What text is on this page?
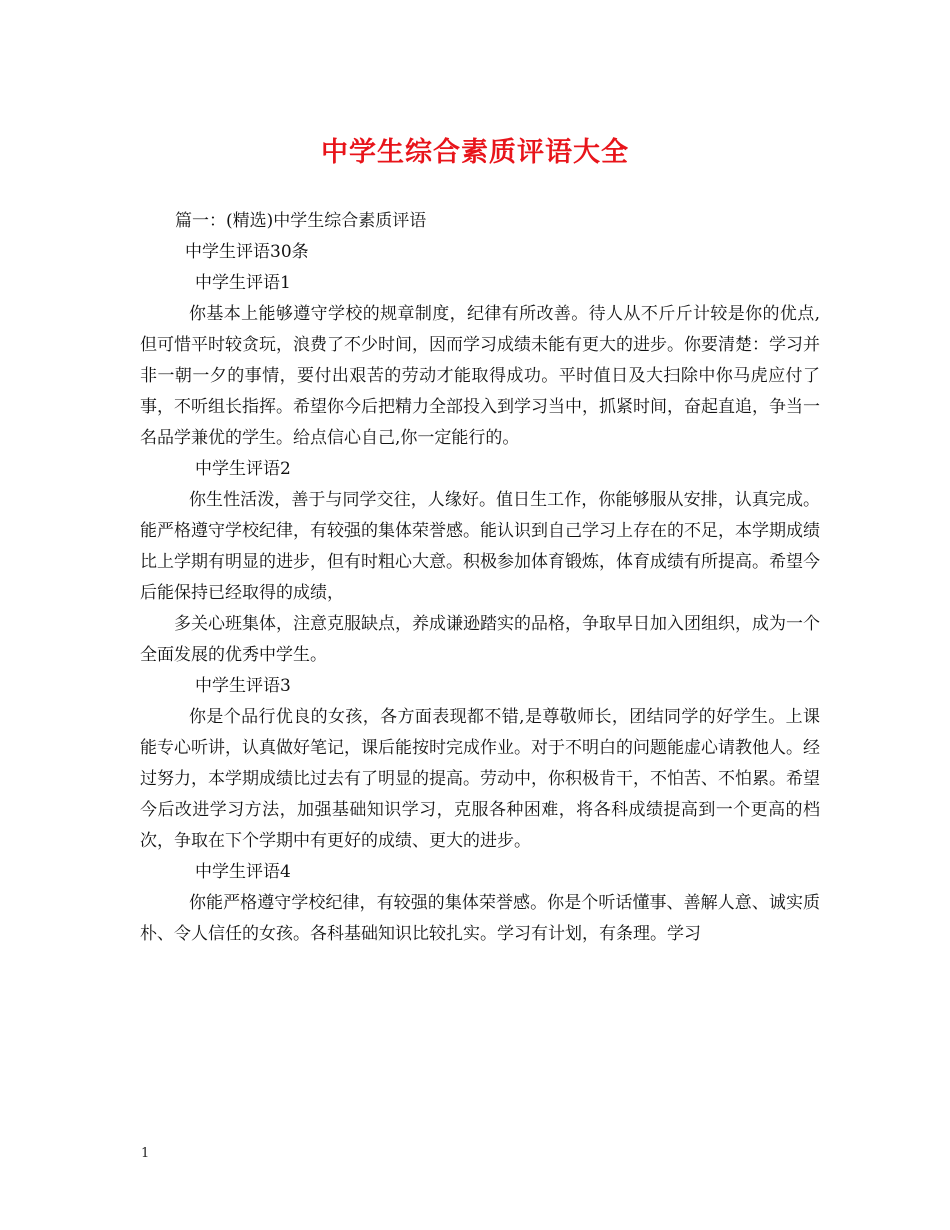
中学生综合素质评语大全
篇一：(精选)中学生综合素质评语
中学生评语30条
中学生评语1

你基本上能够遵守学校的规章制度，纪律有所改善。待人从不斤斤计较是你的优点,但可惜平时较贪玩，浪费了不少时间，因而学习成绩未能有更大的进步。你要清楚：学习并非一朝一夕的事情，要付出艰苦的劳动才能取得成功。平时值日及大扫除中你马虎应付了事，不听组长指挥。希望你今后把精力全部投入到学习当中，抓紧时间，奋起直追，争当一名品学兼优的学生。给点信心自己,你一定能行的。

中学生评语2

你生性活泼，善于与同学交往，人缘好。值日生工作，你能够服从安排，认真完成。能严格遵守学校纪律，有较强的集体荣誉感。能认识到自己学习上存在的不足，本学期成绩比上学期有明显的进步，但有时粗心大意。积极参加体育锻炼，体育成绩有所提高。希望今后能保持已经取得的成绩，

多关心班集体，注意克服缺点，养成谦逊踏实的品格，争取早日加入团组织，成为一个全面发展的优秀中学生。

中学生评语3

你是个品行优良的女孩，各方面表现都不错,是尊敬师长，团结同学的好学生。上课能专心听讲，认真做好笔记，课后能按时完成作业。对于不明白的问题能虚心请教他人。经过努力，本学期成绩比过去有了明显的提高。劳动中，你积极肯干，不怕苦、不怕累。希望今后改进学习方法，加强基础知识学习，克服各种困难，将各科成绩提高到一个更高的档次，争取在下个学期中有更好的成绩、更大的进步。

中学生评语4

你能严格遵守学校纪律，有较强的集体荣誉感。你是个听话懂事、善解人意、诚实质朴、令人信任的女孩。各科基础知识比较扎实。学习有计划，有条理。学习

1
